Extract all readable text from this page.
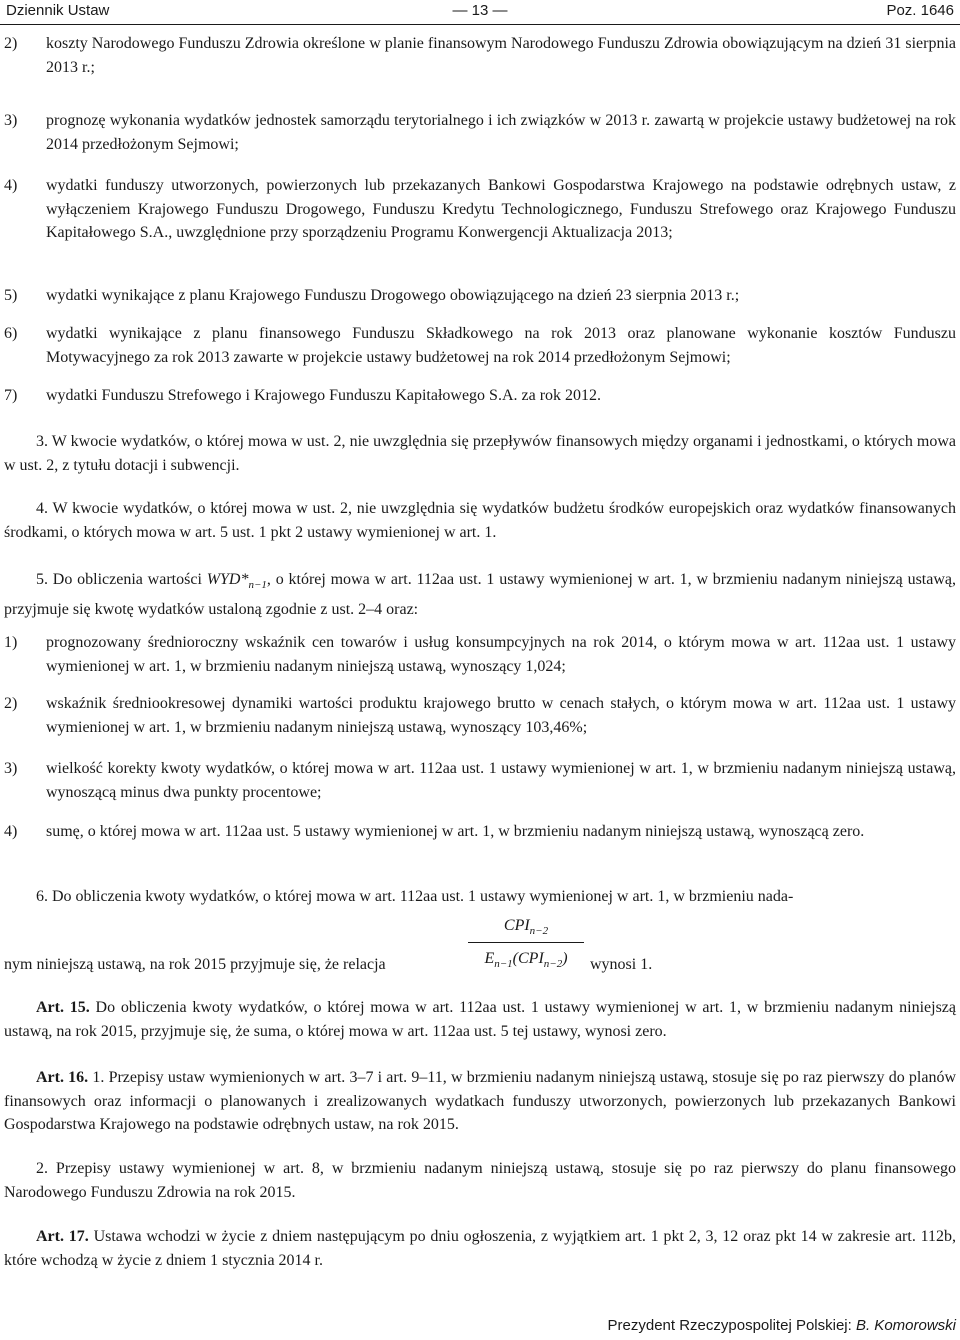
Dziennik Ustaw	— 13 —	Poz. 1646
2) koszty Narodowego Funduszu Zdrowia określone w planie finansowym Narodowego Funduszu Zdrowia obowiązującym na dzień 31 sierpnia 2013 r.;
3) prognozę wykonania wydatków jednostek samorządu terytorialnego i ich związków w 2013 r. zawartą w projekcie ustawy budżetowej na rok 2014 przedłożonym Sejmowi;
4) wydatki funduszy utworzonych, powierzonych lub przekazanych Bankowi Gospodarstwa Krajowego na podstawie odrębnych ustaw, z wyłączeniem Krajowego Funduszu Drogowego, Funduszu Kredytu Technologicznego, Funduszu Strefowego oraz Krajowego Funduszu Kapitałowego S.A., uwzględnione przy sporządzeniu Programu Konwergencji Aktualizacja 2013;
5) wydatki wynikające z planu Krajowego Funduszu Drogowego obowiązującego na dzień 23 sierpnia 2013 r.;
6) wydatki wynikające z planu finansowego Funduszu Składkowego na rok 2013 oraz planowane wykonanie kosztów Funduszu Motywacyjnego za rok 2013 zawarte w projekcie ustawy budżetowej na rok 2014 przedłożonym Sejmowi;
7) wydatki Funduszu Strefowego i Krajowego Funduszu Kapitałowego S.A. za rok 2012.

3. W kwocie wydatków, o której mowa w ust. 2, nie uwzględnia się przepływów finansowych między organami i jednostkami, o których mowa w ust. 2, z tytułu dotacji i subwencji.

4. W kwocie wydatków, o której mowa w ust. 2, nie uwzględnia się wydatków budżetu środków europejskich oraz wydatków finansowanych środkami, o których mowa w art. 5 ust. 1 pkt 2 ustawy wymienionej w art. 1.

5. Do obliczenia wartości $WYD*_{n-1}$, o której mowa w art. 112aa ust. 1 ustawy wymienionej w art. 1, w brzmieniu nadanym niniejszą ustawą, przyjmuje się kwotę wydatków ustaloną zgodnie z ust. 2–4 oraz:

1) prognozowany średnioroczny wskaźnik cen towarów i usług konsumpcyjnych na rok 2014, o którym mowa w art. 112aa ust. 1 ustawy wymienionej w art. 1, w brzmieniu nadanym niniejszą ustawą, wynoszący 1,024;
2) wskaźnik średniookresowej dynamiki wartości produktu krajowego brutto w cenach stałych, o którym mowa w art. 112aa ust. 1 ustawy wymienionej w art. 1, w brzmieniu nadanym niniejszą ustawą, wynoszący 103,46%;
3) wielkość korekty kwoty wydatków, o której mowa w art. 112aa ust. 1 ustawy wymienionej w art. 1, w brzmieniu nadanym niniejszą ustawą, wynoszącą minus dwa punkty procentowe;
4) sumę, o której mowa w art. 112aa ust. 5 ustawy wymienionej w art. 1, w brzmieniu nadanym niniejszą ustawą, wynoszącą zero.

6. Do obliczenia kwoty wydatków, o której mowa w art. 112aa ust. 1 ustawy wymienionej w art. 1, w brzmieniu nada-

nym niniejszą ustawą, na rok 2015 przyjmuje się, że relacja
$CPI_{n-2}$
$E_{n-1}(CPI_{n-2})$	wynosi 1.

Art. 15. Do obliczenia kwoty wydatków, o której mowa w art. 112aa ust. 1 ustawy wymienionej w art. 1, w brzmieniu nadanym niniejszą ustawą, na rok 2015, przyjmuje się, że suma, o której mowa w art. 112aa ust. 5 tej ustawy, wynosi zero.

Art. 16. 1. Przepisy ustaw wymienionych w art. 3–7 i art. 9–11, w brzmieniu nadanym niniejszą ustawą, stosuje się po raz pierwszy do planów finansowych oraz informacji o planowanych i zrealizowanych wydatkach funduszy utworzonych, powierzonych lub przekazanych Bankowi Gospodarstwa Krajowego na podstawie odrębnych ustaw, na rok 2015.

2. Przepisy ustawy wymienionej w art. 8, w brzmieniu nadanym niniejszą ustawą, stosuje się po raz pierwszy do planu finansowego Narodowego Funduszu Zdrowia na rok 2015.

Art. 17. Ustawa wchodzi w życie z dniem następującym po dniu ogłoszenia, z wyjątkiem art. 1 pkt 2, 3, 12 oraz pkt 14 w zakresie art. 112b, które wchodzą w życie z dniem 1 stycznia 2014 r.

Prezydent Rzeczypospolitej Polskiej: B. Komorowski
